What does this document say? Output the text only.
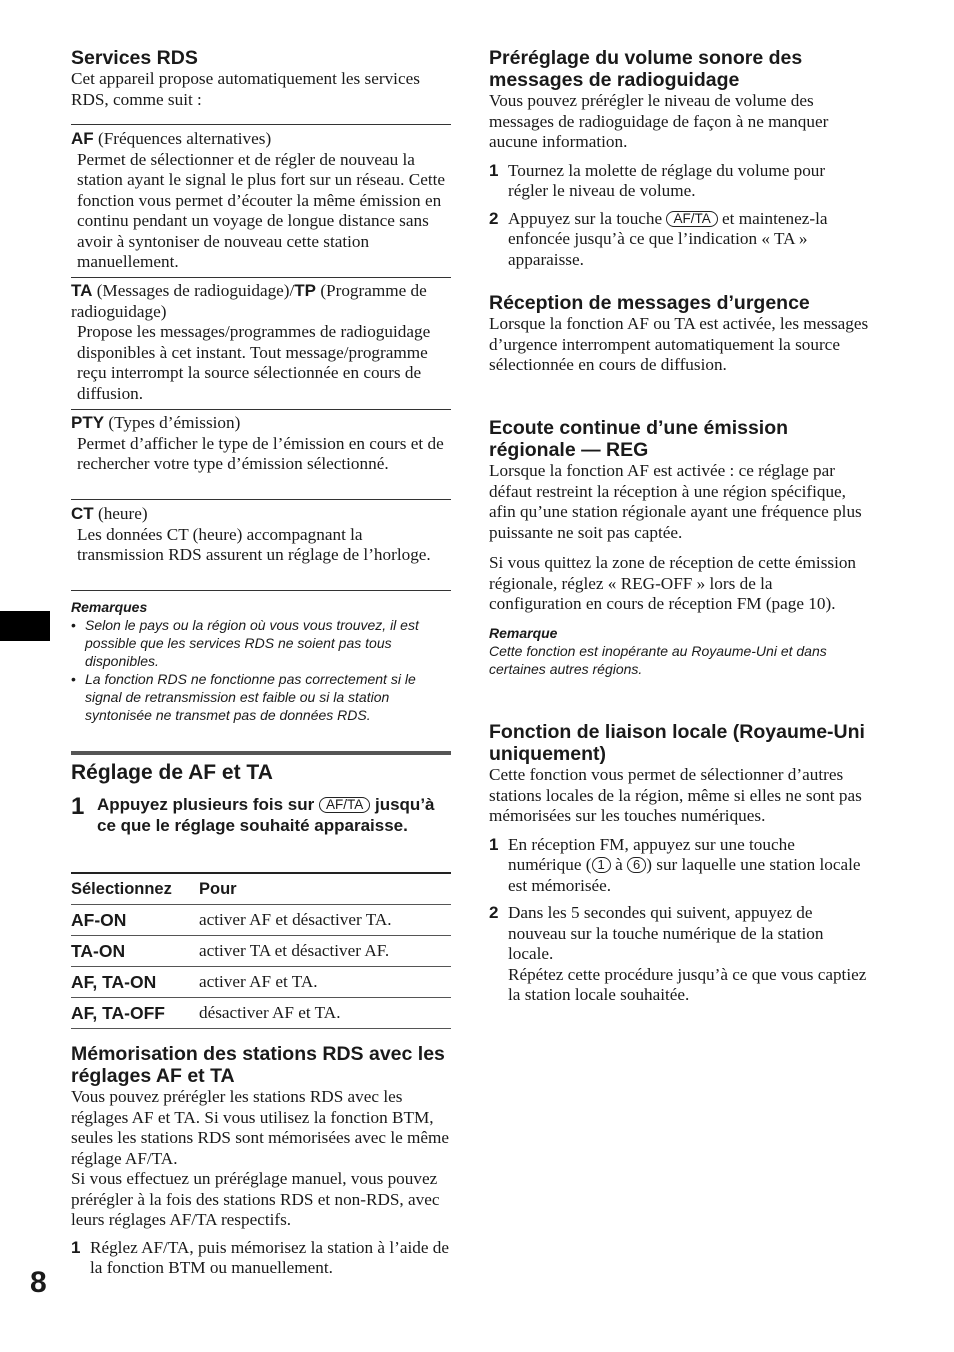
8
Services RDS

Cet appareil propose automatiquement les services RDS, comme suit :

AF (Fréquences alternatives)

Permet de sélectionner et de régler de nouveau la station ayant le signal le plus fort sur un réseau. Cette fonction vous permet d’écouter la même émission en continu pendant un voyage de longue distance sans avoir à syntoniser de nouveau cette station manuellement.

TA (Messages de radioguidage)/TP (Programme de radioguidage)

Propose les messages/programmes de radioguidage disponibles à cet instant. Tout message/programme reçu interrompt la source sélectionnée en cours de diffusion.

PTY (Types d’émission)

Permet d’afficher le type de l’émission en cours et de rechercher votre type d’émission sélectionné.

CT (heure)

Les données CT (heure) accompagnant la transmission RDS assurent un réglage de l’horloge.

Remarques

• Selon le pays ou la région où vous vous trouvez, il est possible que les services RDS ne soient pas tous disponibles.

• La fonction RDS ne fonctionne pas correctement si le signal de retransmission est faible ou si la station syntonisée ne transmet pas de données RDS.

Réglage de AF et TA
1 Appuyez plusieurs fois sur AF/TA jusqu’à ce que le réglage souhaité apparaisse.

Sélectionnez	Pour
AF-ON	activer AF et désactiver TA.
TA-ON	activer TA et désactiver AF.
AF, TA-ON	activer AF et TA.
AF, TA-OFF	désactiver AF et TA.
Mémorisation des stations RDS avec les réglages AF et TA

Vous pouvez prérégler les stations RDS avec les réglages AF et TA. Si vous utilisez la fonction BTM, seules les stations RDS sont mémorisées avec le même réglage AF/TA.

Si vous effectuez un préréglage manuel, vous pouvez prérégler à la fois des stations RDS et non-RDS, avec leurs réglages AF/TA respectifs.

1 Réglez AF/TA, puis mémorisez la station à l’aide de la fonction BTM ou manuellement.

Préréglage du volume sonore des messages de radioguidage

Vous pouvez prérégler le niveau de volume des messages de radioguidage de façon à ne manquer aucune information.

1 Tournez la molette de réglage du volume pour régler le niveau de volume.

2 Appuyez sur la touche AF/TA et maintenez-la enfoncée jusqu’à ce que l’indication « TA » apparaisse.

Réception de messages d’urgence

Lorsque la fonction AF ou TA est activée, les messages d’urgence interrompent automatiquement la source sélectionnée en cours de diffusion.

Ecoute continue d’une émission régionale — REG

Lorsque la fonction AF est activée : ce réglage par défaut restreint la réception à une région spécifique, afin qu’une station régionale ayant une fréquence plus puissante ne soit pas captée.

Si vous quittez la zone de réception de cette émission régionale, réglez « REG-OFF » lors de la configuration en cours de réception FM (page 10).

Remarque

Cette fonction est inopérante au Royaume-Uni et dans certaines autres régions.

Fonction de liaison locale (Royaume-Uni uniquement)

Cette fonction vous permet de sélectionner d’autres stations locales de la région, même si elles ne sont pas mémorisées sur les touches numériques.

1 En réception FM, appuyez sur une touche numérique ( 1 à 6 ) sur laquelle une station locale est mémorisée.

2 Dans les 5 secondes qui suivent, appuyez de nouveau sur la touche numérique de la station locale.
Répétez cette procédure jusqu’à ce que vous captiez la station locale souhaitée.
